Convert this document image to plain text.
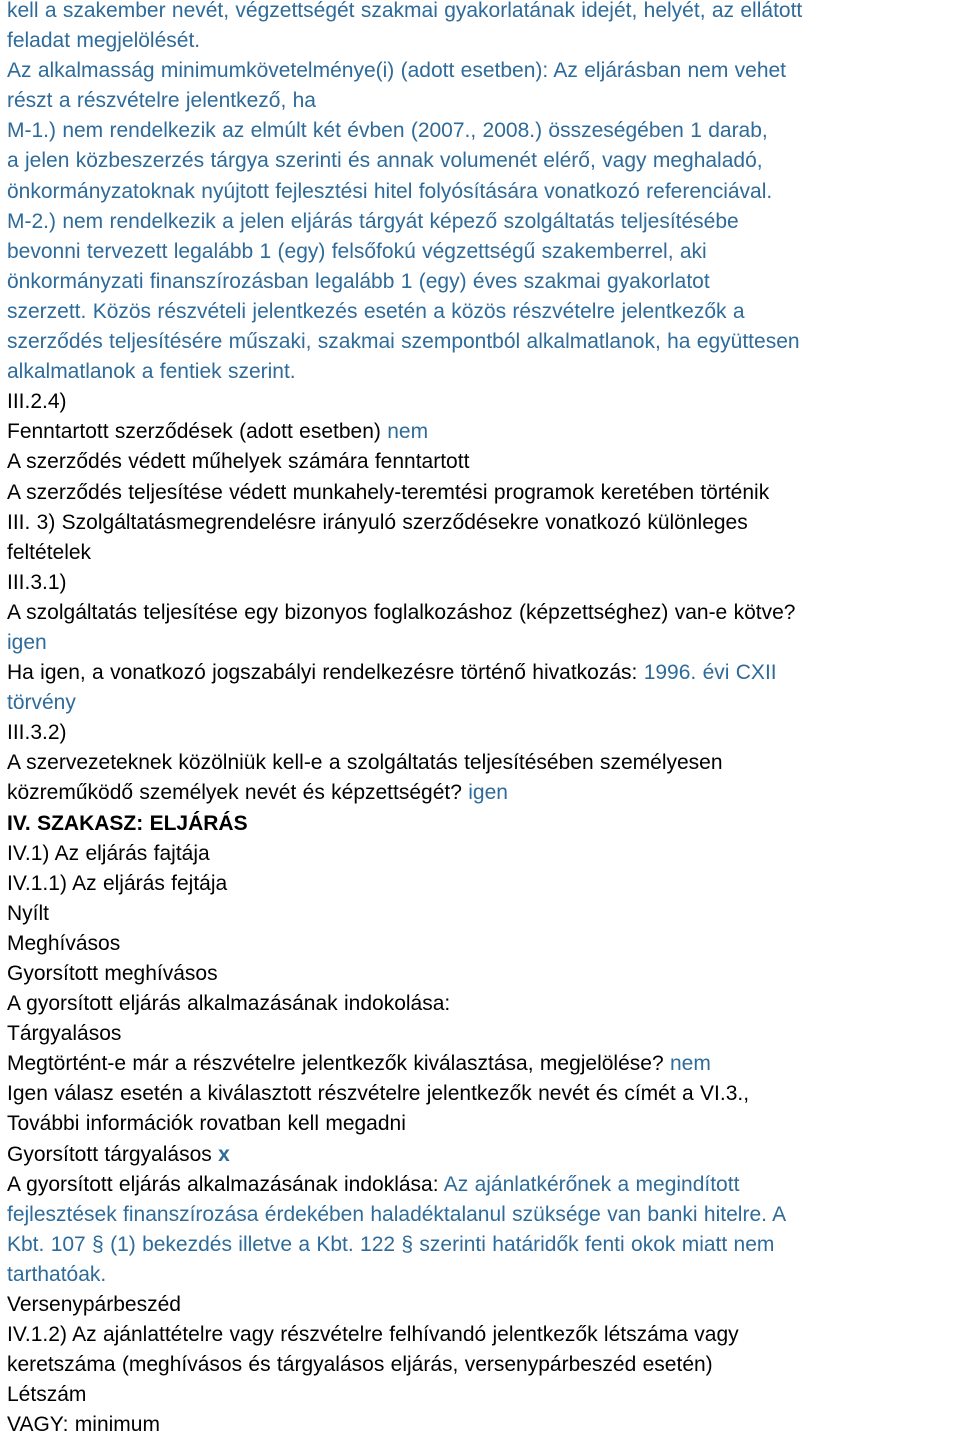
kell a szakember nevét, végzettségét szakmai gyakorlatának idejét, helyét, az ellátott
feladat megjelölését.
Az alkalmasság minimumkövetelménye(i) (adott esetben): Az eljárásban nem vehet
részt a részvételre jelentkező, ha
M-1.) nem rendelkezik az elmúlt két évben (2007., 2008.) összeségében 1 darab,
a jelen közbeszerzés tárgya szerinti és annak volumenét elérő, vagy meghaladó,
önkormányzatoknak nyújtott fejlesztési hitel folyósítására vonatkozó referenciával.
M-2.) nem rendelkezik a jelen eljárás tárgyát képező szolgáltatás teljesítésébe
bevonni tervezett legalább 1 (egy) felsőfokú végzettségű szakemberrel, aki
önkormányzati finanszírozásban legalább 1 (egy) éves szakmai gyakorlatot
szerzett. Közös részvételi jelentkezés esetén a közös részvételre jelentkezők a
szerződés teljesítésére műszaki, szakmai szempontból alkalmatlanok, ha együttesen
alkalmatlanok a fentiek szerint.
III.2.4)
Fenntartott szerződések (adott esetben) nem
A szerződés védett műhelyek számára fenntartott
A szerződés teljesítése védett munkahely-teremtési programok keretében történik
III. 3) Szolgáltatásmegrendelésre irányuló szerződésekre vonatkozó különleges
feltételek
III.3.1)
A szolgáltatás teljesítése egy bizonyos foglalkozáshoz (képzettséghez) van-e kötve?
igen
Ha igen, a vonatkozó jogszabályi rendelkezésre történő hivatkozás: 1996. évi CXII
törvény
III.3.2)
A szervezeteknek közölniük kell-e a szolgáltatás teljesítésében személyesen
közreműködő személyek nevét és képzettségét? igen
IV. SZAKASZ: ELJÁRÁS
IV.1) Az eljárás fajtája
IV.1.1) Az eljárás fejtája
Nyílt
Meghívásos
Gyorsított meghívásos
A gyorsított eljárás alkalmazásának indokolása:
Tárgyalásos
Megtörtént-e már a részvételre jelentkezők kiválasztása, megjelölése? nem
Igen válasz esetén a kiválasztott részvételre jelentkezők nevét és címét a VI.3.,
További információk rovatban kell megadni
Gyorsított tárgyalásos x
A gyorsított eljárás alkalmazásának indoklása: Az ajánlatkérőnek a megindított
fejlesztések finanszírozása érdekében haladéktalanul szüksége van banki hitelre. A
Kbt. 107 § (1) bekezdés illetve a Kbt. 122 § szerinti határidők fenti okok miatt nem
tarthatóak.
Versenypárbeszéd
IV.1.2) Az ajánlattételre vagy részvételre felhívandó jelentkezők létszáma vagy
keretszáma (meghívásos és tárgyalásos eljárás, versenypárbeszéd esetén)
Létszám
VAGY: minimum
